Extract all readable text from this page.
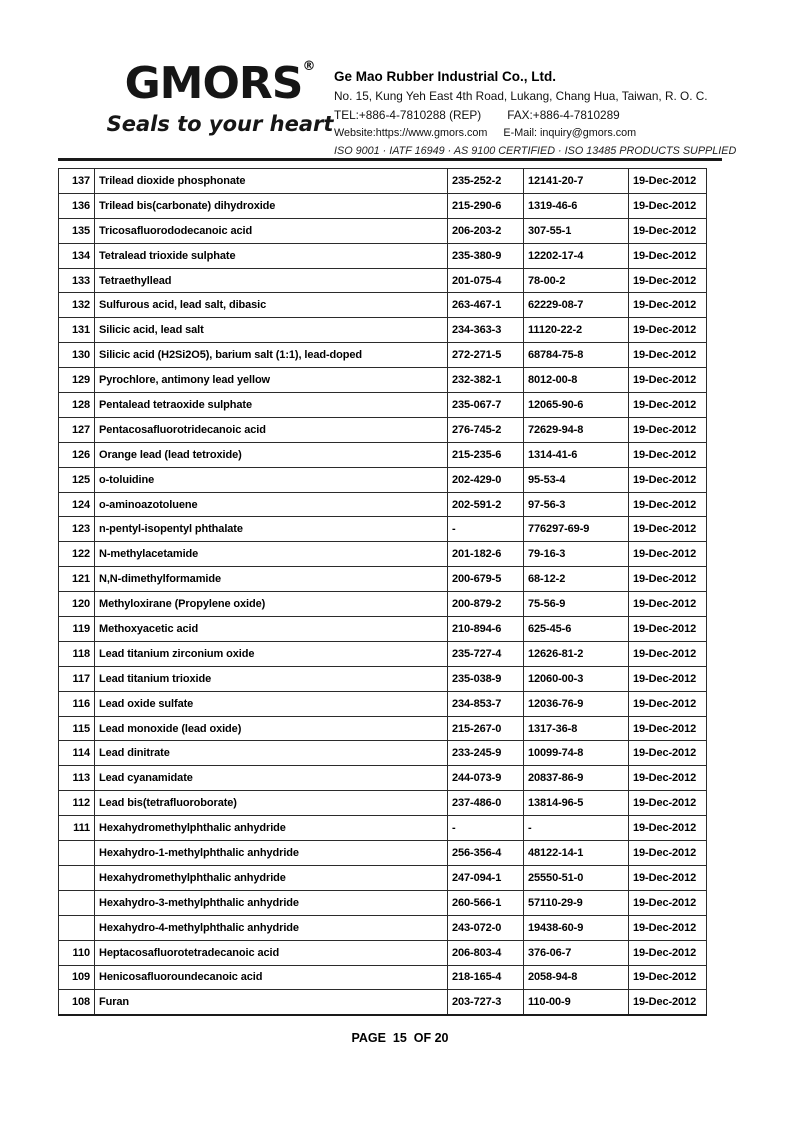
GMORS®
Seals to your heart
Ge Mao Rubber Industrial Co., Ltd.
No. 15, Kung Yeh East 4th Road, Lukang, Chang Hua, Taiwan, R. O. C.
TEL:+886-4-7810288 (REP) FAX:+886-4-7810289
Website:https://www.gmors.com E-Mail: inquiry@gmors.com
ISO 9001 · IATF 16949 · AS 9100 CERTIFIED · ISO 13485 PRODUCTS SUPPLIED
137	Trilead dioxide phosphonate	235-252-2	12141-20-7	19-Dec-2012
136	Trilead bis(carbonate) dihydroxide	215-290-6	1319-46-6	19-Dec-2012
135	Tricosafluorododecanoic acid	206-203-2	307-55-1	19-Dec-2012
134	Tetralead trioxide sulphate	235-380-9	12202-17-4	19-Dec-2012
133	Tetraethyllead	201-075-4	78-00-2	19-Dec-2012
132	Sulfurous acid, lead salt, dibasic	263-467-1	62229-08-7	19-Dec-2012
131	Silicic acid, lead salt	234-363-3	11120-22-2	19-Dec-2012
130	Silicic acid (H2Si2O5), barium salt (1:1), lead-doped	272-271-5	68784-75-8	19-Dec-2012
129	Pyrochlore, antimony lead yellow	232-382-1	8012-00-8	19-Dec-2012
128	Pentalead tetraoxide sulphate	235-067-7	12065-90-6	19-Dec-2012
127	Pentacosafluorotridecanoic acid	276-745-2	72629-94-8	19-Dec-2012
126	Orange lead (lead tetroxide)	215-235-6	1314-41-6	19-Dec-2012
125	o-toluidine	202-429-0	95-53-4	19-Dec-2012
124	o-aminoazotoluene	202-591-2	97-56-3	19-Dec-2012
123	n-pentyl-isopentyl phthalate	-	776297-69-9	19-Dec-2012
122	N-methylacetamide	201-182-6	79-16-3	19-Dec-2012
121	N,N-dimethylformamide	200-679-5	68-12-2	19-Dec-2012
120	Methyloxirane (Propylene oxide)	200-879-2	75-56-9	19-Dec-2012
119	Methoxyacetic acid	210-894-6	625-45-6	19-Dec-2012
118	Lead titanium zirconium oxide	235-727-4	12626-81-2	19-Dec-2012
117	Lead titanium trioxide	235-038-9	12060-00-3	19-Dec-2012
116	Lead oxide sulfate	234-853-7	12036-76-9	19-Dec-2012
115	Lead monoxide (lead oxide)	215-267-0	1317-36-8	19-Dec-2012
114	Lead dinitrate	233-245-9	10099-74-8	19-Dec-2012
113	Lead cyanamidate	244-073-9	20837-86-9	19-Dec-2012
112	Lead bis(tetrafluoroborate)	237-486-0	13814-96-5	19-Dec-2012
111	Hexahydromethylphthalic anhydride	-	-	19-Dec-2012
	Hexahydro-1-methylphthalic anhydride	256-356-4	48122-14-1	19-Dec-2012
	Hexahydromethylphthalic anhydride	247-094-1	25550-51-0	19-Dec-2012
	Hexahydro-3-methylphthalic anhydride	260-566-1	57110-29-9	19-Dec-2012
	Hexahydro-4-methylphthalic anhydride	243-072-0	19438-60-9	19-Dec-2012
110	Heptacosafluorotetradecanoic acid	206-803-4	376-06-7	19-Dec-2012
109	Henicosafluoroundecanoic acid	218-165-4	2058-94-8	19-Dec-2012
108	Furan	203-727-3	110-00-9	19-Dec-2012
PAGE  15  OF 20
